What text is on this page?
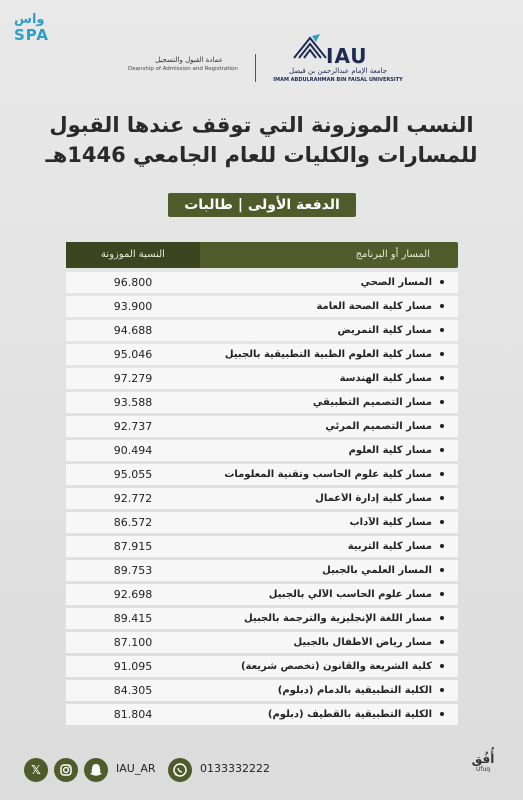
واس
SPA
عمادة القبول والتسجيل
Deanship of Admission and Registration
IAU
جامعة الإمام عبدالرحمن بن فيصل
IMAM ABDULRAHMAN BIN FAISAL UNIVERSITY
النسب الموزونة التي توقف عندها القبول
للمسارات والكليات للعام الجامعي 1446هـ
الدفعة الأولى | طالبات
المسار أو البرنامج
النسبة الموزونة
المسار الصحي
96.800
مسار كلية الصحة العامة
93.900
مسار كلية التمريض
94.688
مسار كلية العلوم الطبية التطبيقية بالجبيل
95.046
مسار كلية الهندسة
97.279
مسار التصميم التطبيقي
93.588
مسار التصميم المرئي
92.737
مسار كلية العلوم
90.494
مسار كلية علوم الحاسب وتقنية المعلومات
95.055
مسار كلية إدارة الأعمال
92.772
مسار كلية الآداب
86.572
مسار كلية التربية
87.915
المسار العلمي بالجبيل
89.753
مسار علوم الحاسب الآلي بالجبيل
92.698
مسار اللغة الإنجليزية والترجمة بالجبيل
89.415
مسار رياض الأطفال بالجبيل
87.100
كلية الشريعة والقانون (تخصص شريعة)
91.095
الكلية التطبيقية بالدمام (دبلوم)
84.305
الكلية التطبيقية بالقطيف (دبلوم)
81.804
𝕏	IAU_AR	0133332222
أُفُق
Ufuq
